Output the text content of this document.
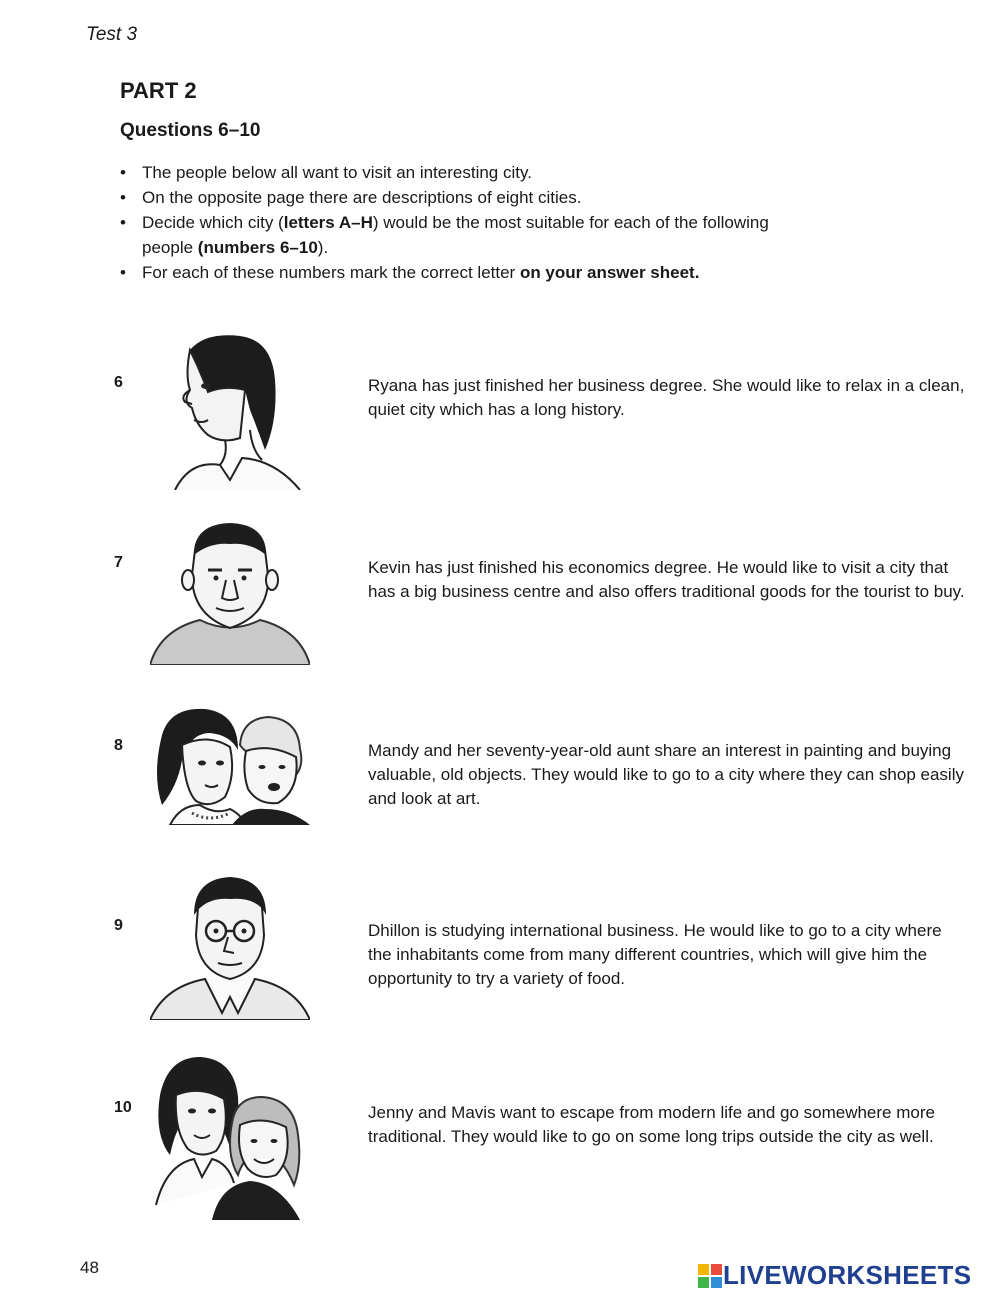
Test 3
PART 2
Questions 6–10
• The people below all want to visit an interesting city.
• On the opposite page there are descriptions of eight cities.
• Decide which city (letters A–H) would be the most suitable for each of the following people (numbers 6–10).
• For each of these numbers mark the correct letter on your answer sheet.
6	Ryana has just finished her business degree. She would like to relax in a clean, quiet city which has a long history.
7	Kevin has just finished his economics degree. He would like to visit a city that has a big business centre and also offers traditional goods for the tourist to buy.
8	Mandy and her seventy-year-old aunt share an interest in painting and buying valuable, old objects. They would like to go to a city where they can shop easily and look at art.
9	Dhillon is studying international business. He would like to go to a city where the inhabitants come from many different countries, which will give him the opportunity to try a variety of food.
10	Jenny and Mavis want to escape from modern life and go somewhere more traditional. They would like to go on some long trips outside the city as well.
48	LIVEWORKSHEETS
